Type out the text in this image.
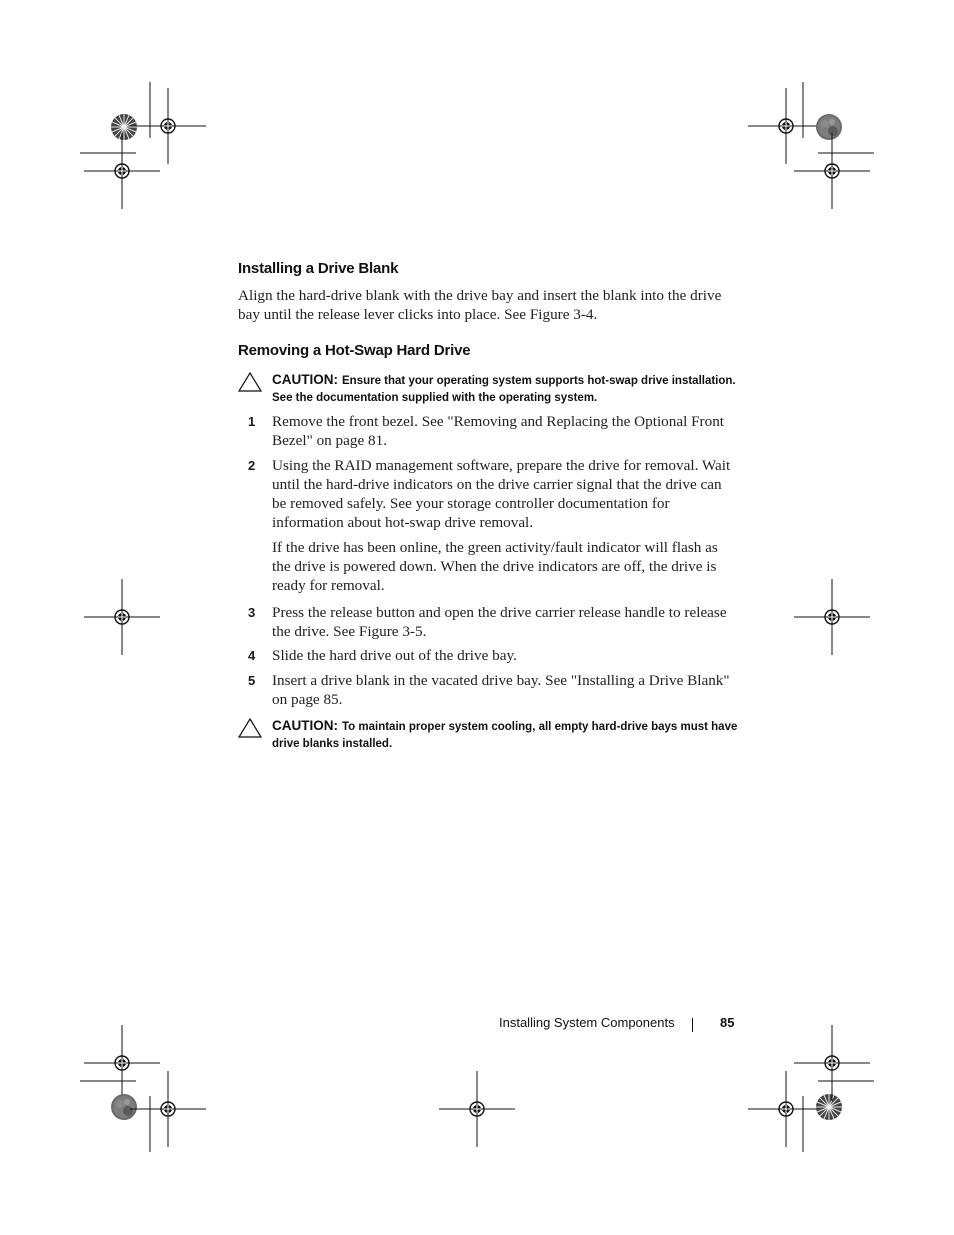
Installing a Drive Blank

Align the hard-drive blank with the drive bay and insert the blank into the drive bay until the release lever clicks into place. See Figure 3-4.

Removing a Hot-Swap Hard Drive
CAUTION: Ensure that your operating system supports hot-swap drive installation. See the documentation supplied with the operating system.
1 Remove the front bezel. See "Removing and Replacing the Optional Front Bezel" on page 81.
2 Using the RAID management software, prepare the drive for removal. Wait until the hard-drive indicators on the drive carrier signal that the drive can be removed safely. See your storage controller documentation for information about hot-swap drive removal.
If the drive has been online, the green activity/fault indicator will flash as the drive is powered down. When the drive indicators are off, the drive is ready for removal.
3 Press the release button and open the drive carrier release handle to release the drive. See Figure 3-5.
4 Slide the hard drive out of the drive bay.
5 Insert a drive blank in the vacated drive bay. See "Installing a Drive Blank" on page 85.
CAUTION: To maintain proper system cooling, all empty hard-drive bays must have drive blanks installed.
Installing System Components	85
